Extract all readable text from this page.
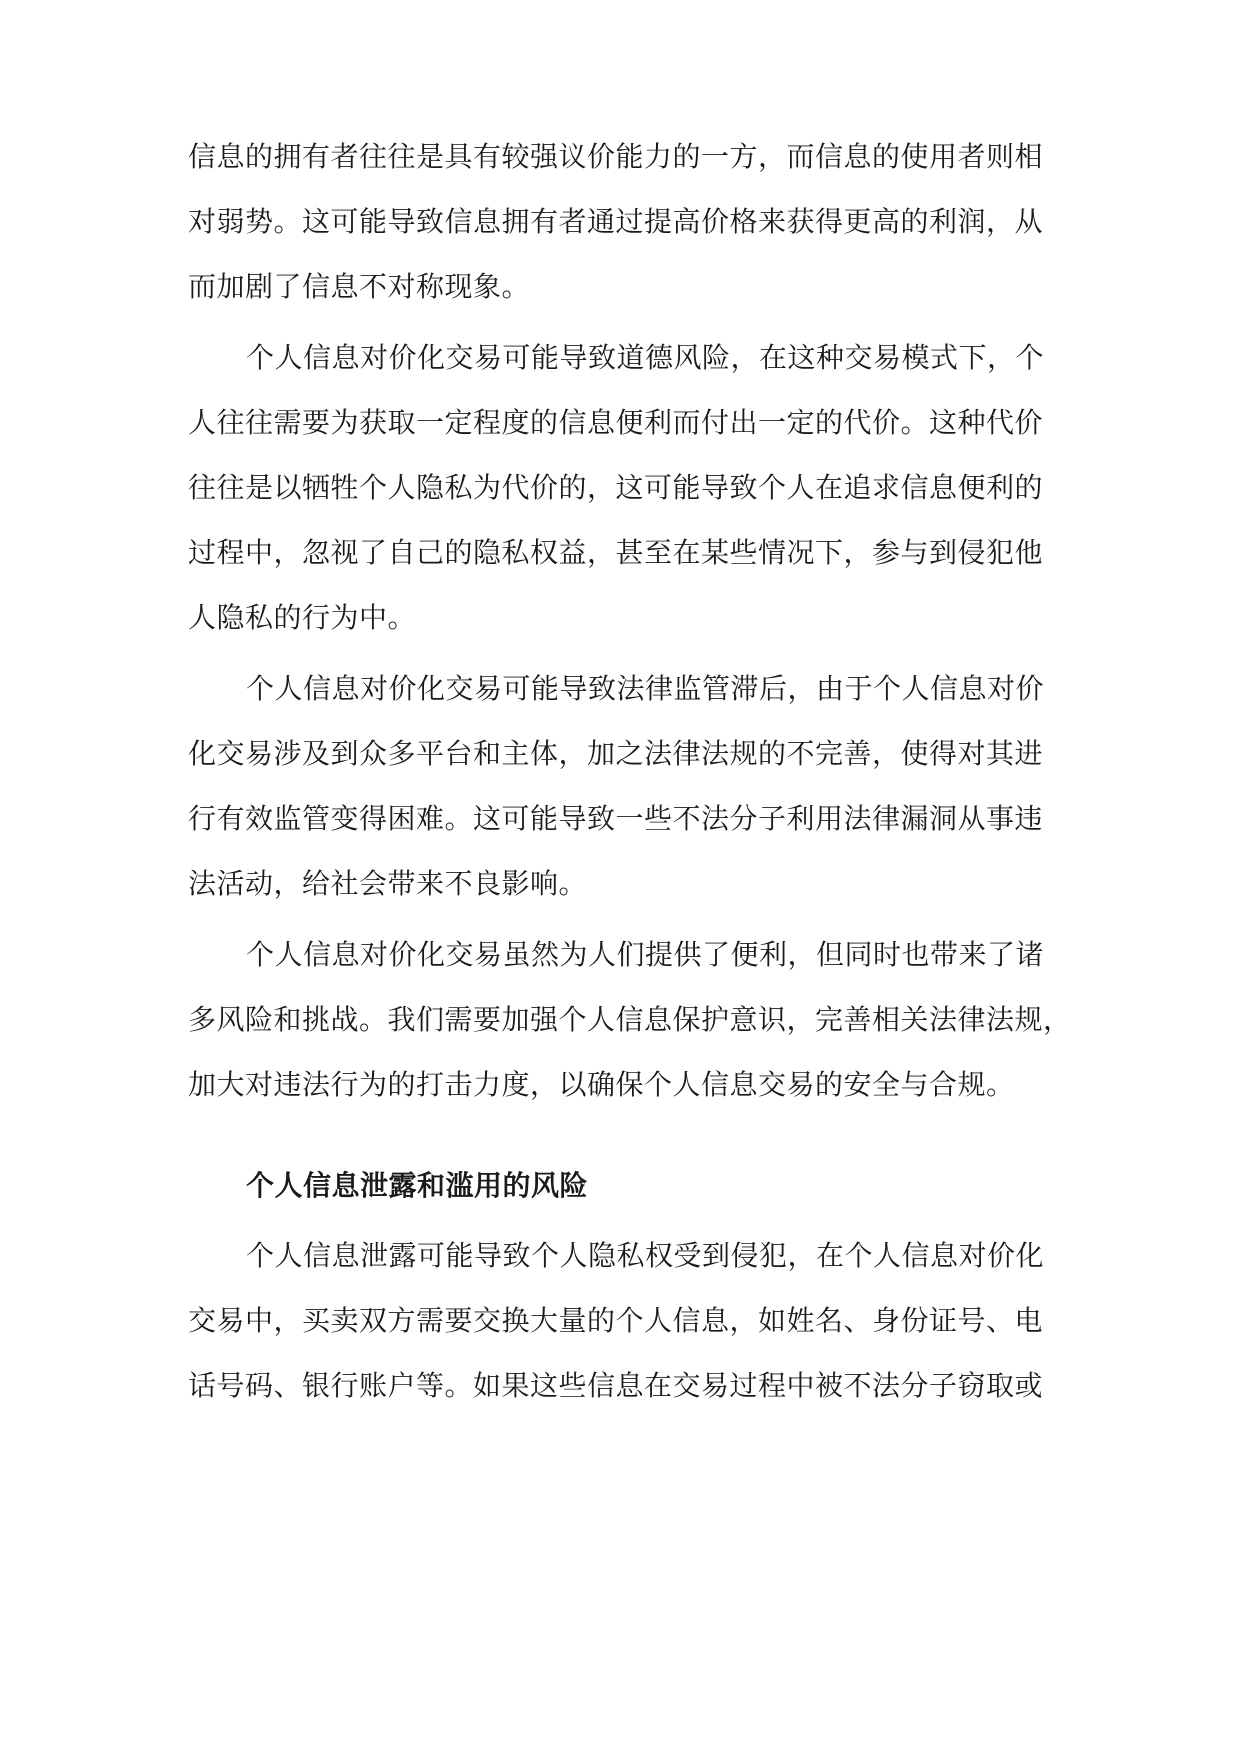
信息的拥有者往往是具有较强议价能力的一方，而信息的使用者则相
对弱势。这可能导致信息拥有者通过提高价格来获得更高的利润，从
而加剧了信息不对称现象。
个人信息对价化交易可能导致道德风险，在这种交易模式下，个
人往往需要为获取一定程度的信息便利而付出一定的代价。这种代价
往往是以牺牲个人隐私为代价的，这可能导致个人在追求信息便利的
过程中，忽视了自己的隐私权益，甚至在某些情况下，参与到侵犯他
人隐私的行为中。
个人信息对价化交易可能导致法律监管滞后，由于个人信息对价
化交易涉及到众多平台和主体，加之法律法规的不完善，使得对其进
行有效监管变得困难。这可能导致一些不法分子利用法律漏洞从事违
法活动，给社会带来不良影响。
个人信息对价化交易虽然为人们提供了便利，但同时也带来了诸
多风险和挑战。我们需要加强个人信息保护意识，完善相关法律法规，
加大对违法行为的打击力度，以确保个人信息交易的安全与合规。
个人信息泄露和滥用的风险
个人信息泄露可能导致个人隐私权受到侵犯，在个人信息对价化
交易中，买卖双方需要交换大量的个人信息，如姓名、身份证号、电
话号码、银行账户等。如果这些信息在交易过程中被不法分子窃取或
